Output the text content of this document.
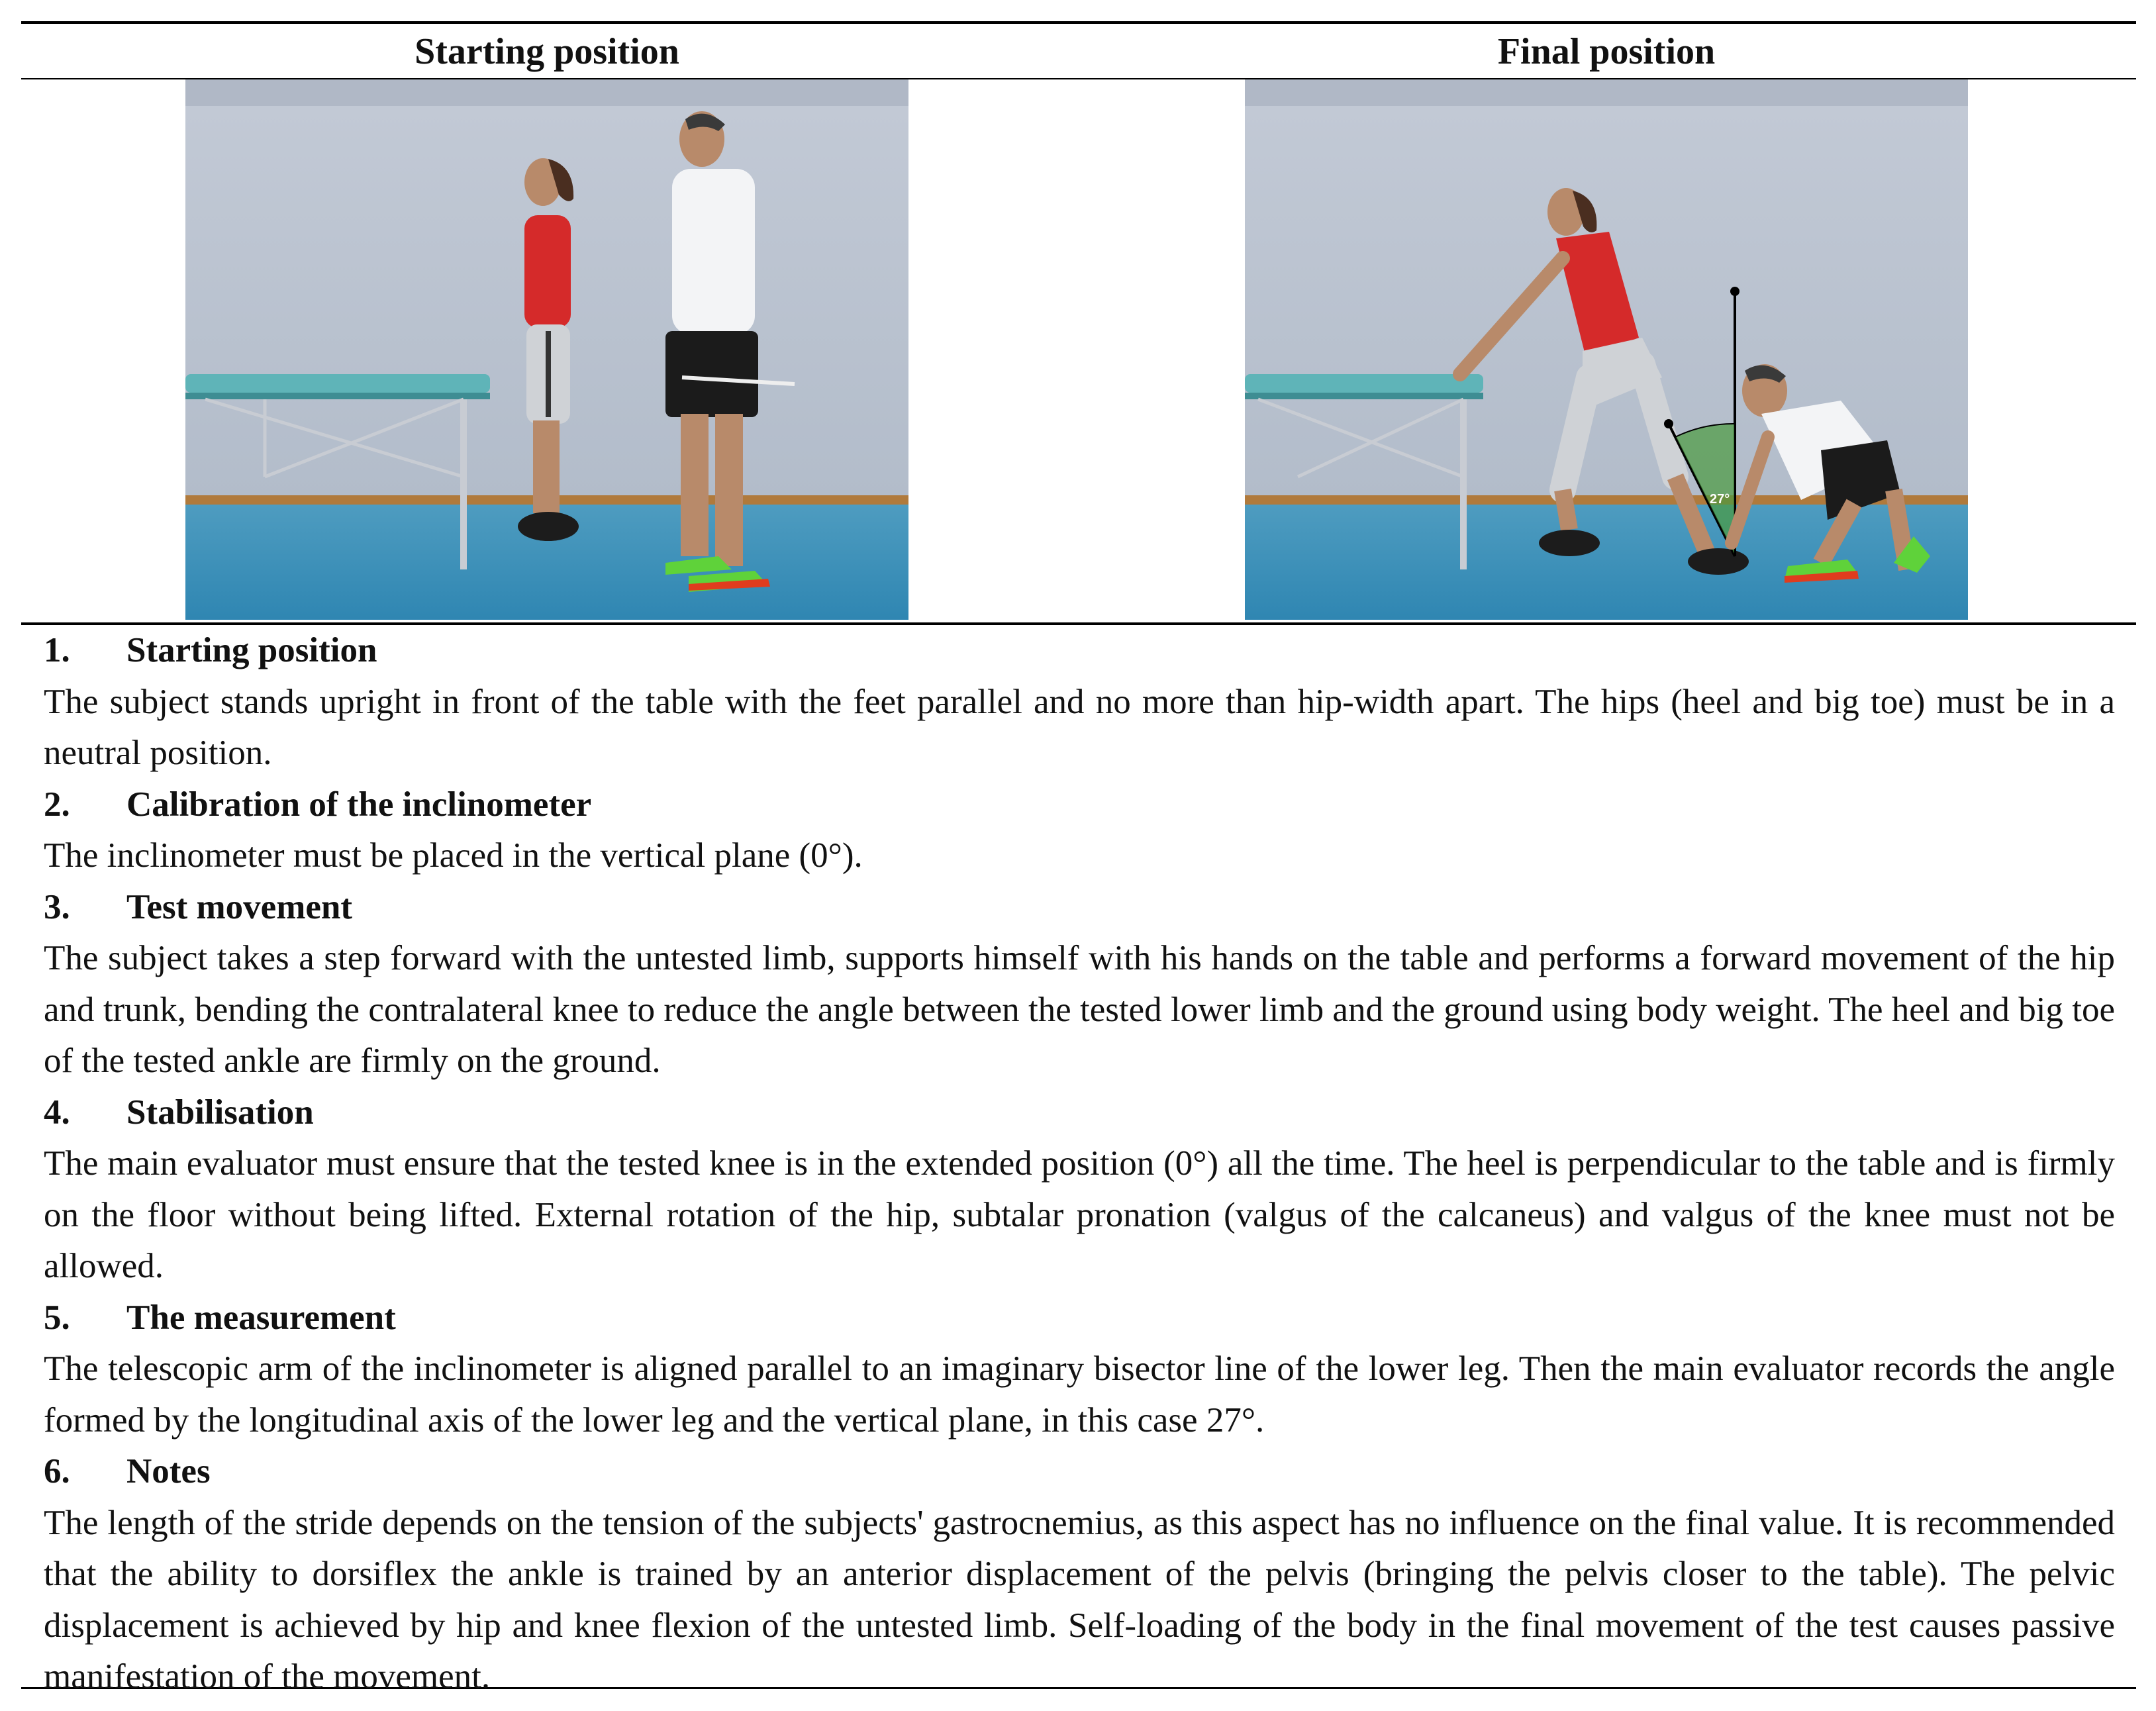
Starting position	Final position
27°
1.	Starting position
The subject stands upright in front of the table with the feet parallel and no more than hip-width apart. The hips (heel and big toe) must be in a neutral position.
2.	Calibration of the inclinometer
The inclinometer must be placed in the vertical plane (0°).
3.	Test movement
The subject takes a step forward with the untested limb, supports himself with his hands on the table and performs a forward movement of the hip and trunk, bending the contralateral knee to reduce the angle between the tested lower limb and the ground using body weight. The heel and big toe of the tested ankle are firmly on the ground.
4.	Stabilisation
The main evaluator must ensure that the tested knee is in the extended position (0°) all the time. The heel is perpendicular to the table and is firmly on the floor without being lifted. External rotation of the hip, subtalar pronation (valgus of the calcaneus) and valgus of the knee must not be allowed.
5.	The measurement
The telescopic arm of the inclinometer is aligned parallel to an imaginary bisector line of the lower leg. Then the main evaluator records the angle formed by the longitudinal axis of the lower leg and the vertical plane, in this case 27°.
6.	Notes
The length of the stride depends on the tension of the subjects' gastrocnemius, as this aspect has no influence on the final value. It is recommended that the ability to dorsiflex the ankle is trained by an anterior displacement of the pelvis (bringing the pelvis closer to the table). The pelvic displacement is achieved by hip and knee flexion of the untested limb. Self-loading of the body in the final movement of the test causes passive manifestation of the movement.
